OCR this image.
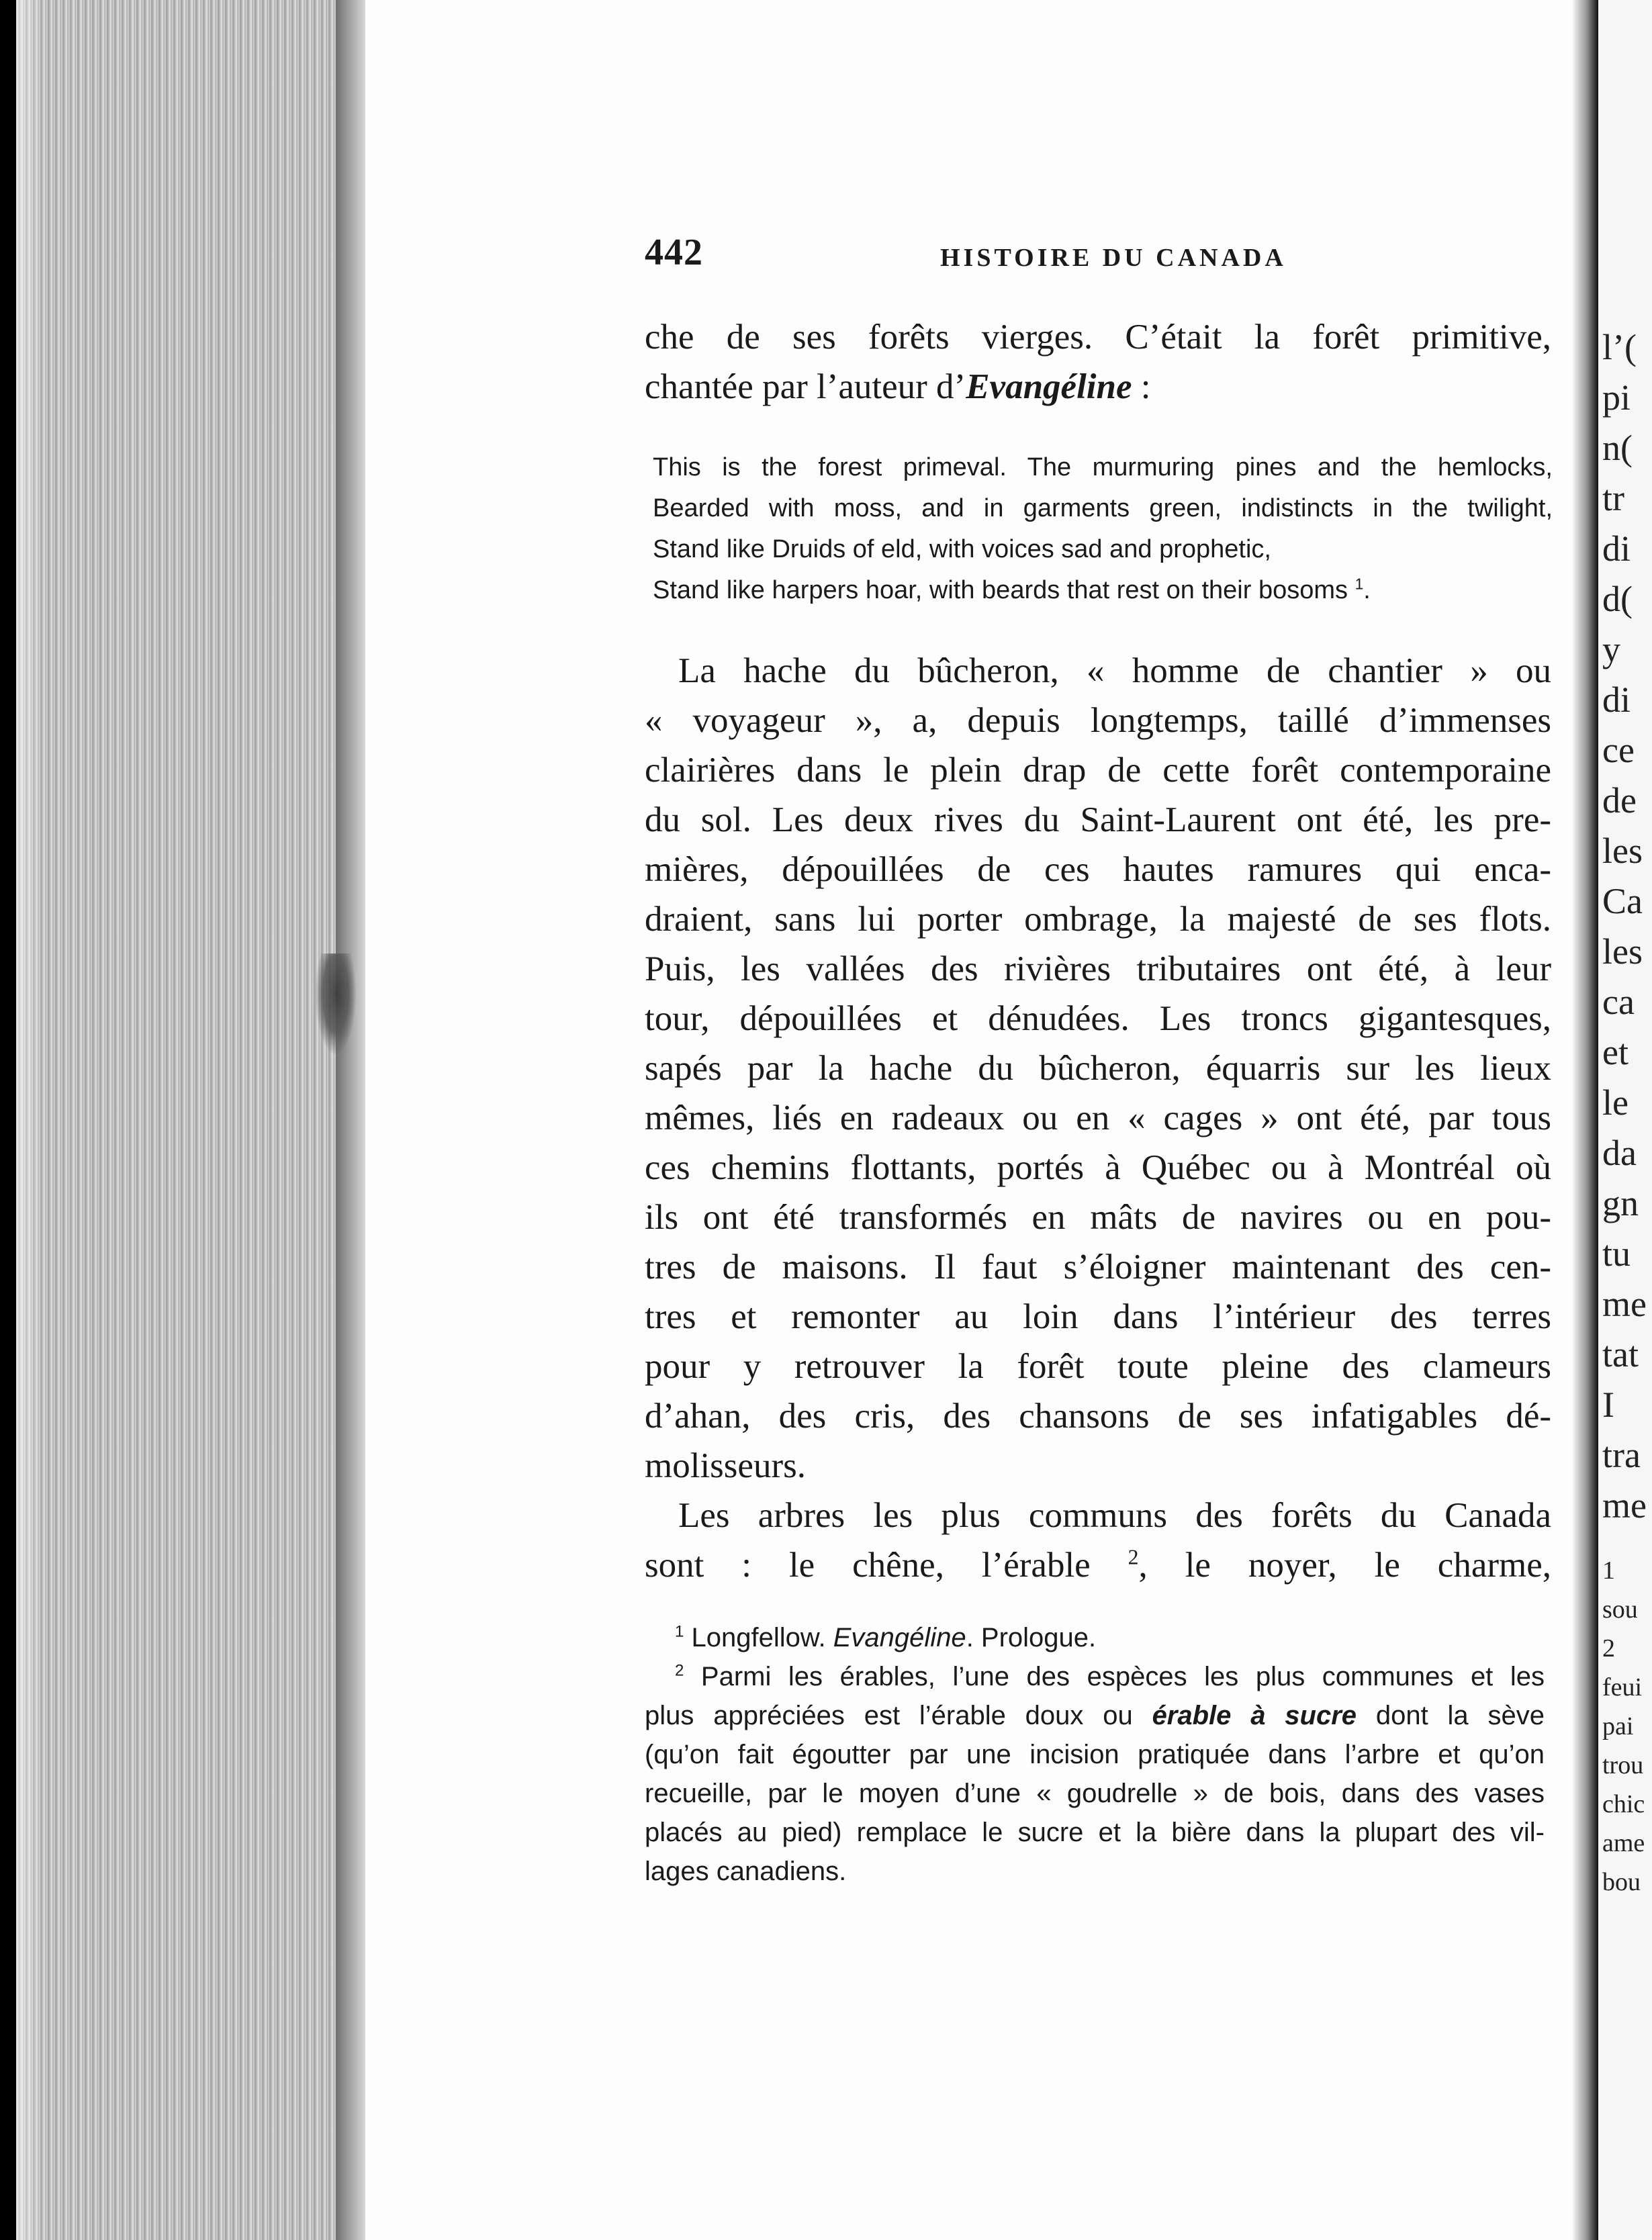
l’(
pi
n(
tr
di
d(
y
di
ce
de
les
Ca
les
ca
et
le
da
gn
tu
me
tat
I
tra
me
1
sou
2
feui
pai
trou
chic
ame
bou
442	HISTOIRE DU CANADA
che de ses forêts vierges. C’était la forêt primitive,
chantée par l’auteur d’Evangéline :
This is the forest primeval. The murmuring pines and the hemlocks,
Bearded with moss, and in garments green, indistincts in the twilight,
Stand like Druids of eld, with voices sad and prophetic,
Stand like harpers hoar, with beards that rest on their bosoms $^1$.
La hache du bûcheron, « homme de chantier » ou
« voyageur », a, depuis longtemps, taillé d’immenses
clairières dans le plein drap de cette forêt contemporaine
du sol. Les deux rives du Saint-Laurent ont été, les pre-
mières, dépouillées de ces hautes ramures qui enca-
draient, sans lui porter ombrage, la majesté de ses flots.
Puis, les vallées des rivières tributaires ont été, à leur
tour, dépouillées et dénudées. Les troncs gigantesques,
sapés par la hache du bûcheron, équarris sur les lieux
mêmes, liés en radeaux ou en « cages » ont été, par tous
ces chemins flottants, portés à Québec ou à Montréal où
ils ont été transformés en mâts de navires ou en pou-
tres de maisons. Il faut s’éloigner maintenant des cen-
tres et remonter au loin dans l’intérieur des terres
pour y retrouver la forêt toute pleine des clameurs
d’ahan, des cris, des chansons de ses infatigables dé-
molisseurs.
Les arbres les plus communs des forêts du Canada
sont : le chêne, l’érable $^2$, le noyer, le charme,
$^1$ Longfellow. Evangéline. Prologue.
$^2$ Parmi les érables, l’une des espèces les plus communes et les
plus appréciées est l’érable doux ou érable à sucre dont la sève
(qu’on fait égoutter par une incision pratiquée dans l’arbre et qu’on
recueille, par le moyen d’une « goudrelle » de bois, dans des vases
placés au pied) remplace le sucre et la bière dans la plupart des vil-
lages canadiens.
